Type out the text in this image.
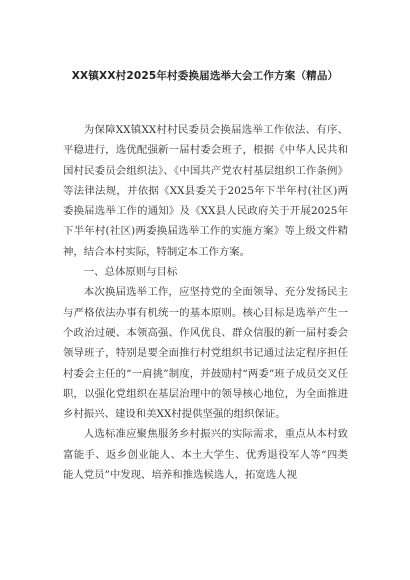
XX镇XX村2025年村委换届选举大会工作方案（精品）

为保障XX镇XX村村民委员会换届选举工作依法、有序、平稳进行，选优配强新一届村委会班子，根据《中华人民共和国村民委员会组织法》、《中国共产党农村基层组织工作条例》等法律法规，并依据《XX县委关于2025年下半年村(社区)两委换届选举工作的通知》及《XX县人民政府关于开展2025年下半年村(社区)两委换届选举工作的实施方案》等上级文件精神，结合本村实际，特制定本工作方案。

一、总体原则与目标

本次换届选举工作，应坚持党的全面领导、充分发扬民主与严格依法办事有机统一的基本原则。核心目标是选举产生一个政治过硬、本领高强、作风优良、群众信服的新一届村委会领导班子，特别是要全面推行村党组织书记通过法定程序担任村委会主任的“一肩挑”制度，并鼓励村“两委”班子成员交叉任职，以强化党组织在基层治理中的领导核心地位，为全面推进乡村振兴、建设和美XX村提供坚强的组织保证。

人选标准应聚焦服务乡村振兴的实际需求，重点从本村致富能手、返乡创业能人、本土大学生、优秀退役军人等“四类能人党员”中发现、培养和推选候选人，拓宽选人视
